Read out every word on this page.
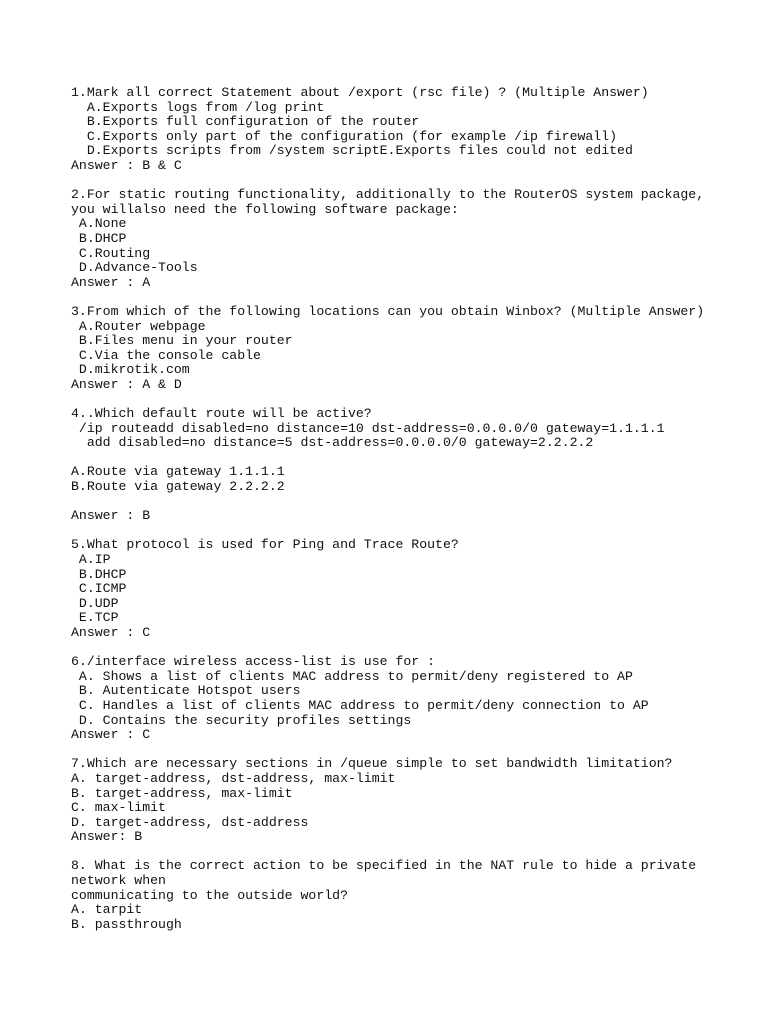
1.Mark all correct Statement about /export (rsc file) ? (Multiple Answer)
A.Exports logs from /log print
B.Exports full configuration of the router
C.Exports only part of the configuration (for example /ip firewall)
D.Exports scripts from /system scriptE.Exports files could not edited
Answer : B & C
2.For static routing functionality, additionally to the RouterOS system package,
you willalso need the following software package:
A.None
B.DHCP
C.Routing
D.Advance-Tools
Answer : A
3.From which of the following locations can you obtain Winbox? (Multiple Answer)
A.Router webpage
B.Files menu in your router
C.Via the console cable
D.mikrotik.com
Answer : A & D
4..Which default route will be active?
/ip routeadd disabled=no distance=10 dst-address=0.0.0.0/0 gateway=1.1.1.1
add disabled=no distance=5 dst-address=0.0.0.0/0 gateway=2.2.2.2
A.Route via gateway 1.1.1.1
B.Route via gateway 2.2.2.2
Answer : B
5.What protocol is used for Ping and Trace Route?
A.IP
B.DHCP
C.ICMP
D.UDP
E.TCP
Answer : C
6./interface wireless access-list is use for :
A. Shows a list of clients MAC address to permit/deny registered to AP
B. Autenticate Hotspot users
C. Handles a list of clients MAC address to permit/deny connection to AP
D. Contains the security profiles settings
Answer : C
7.Which are necessary sections in /queue simple to set bandwidth limitation?
A. target-address, dst-address, max-limit
B. target-address, max-limit
C. max-limit
D. target-address, dst-address
Answer: B
8. What is the correct action to be specified in the NAT rule to hide a private
network when
communicating to the outside world?
A. tarpit
B. passthrough
